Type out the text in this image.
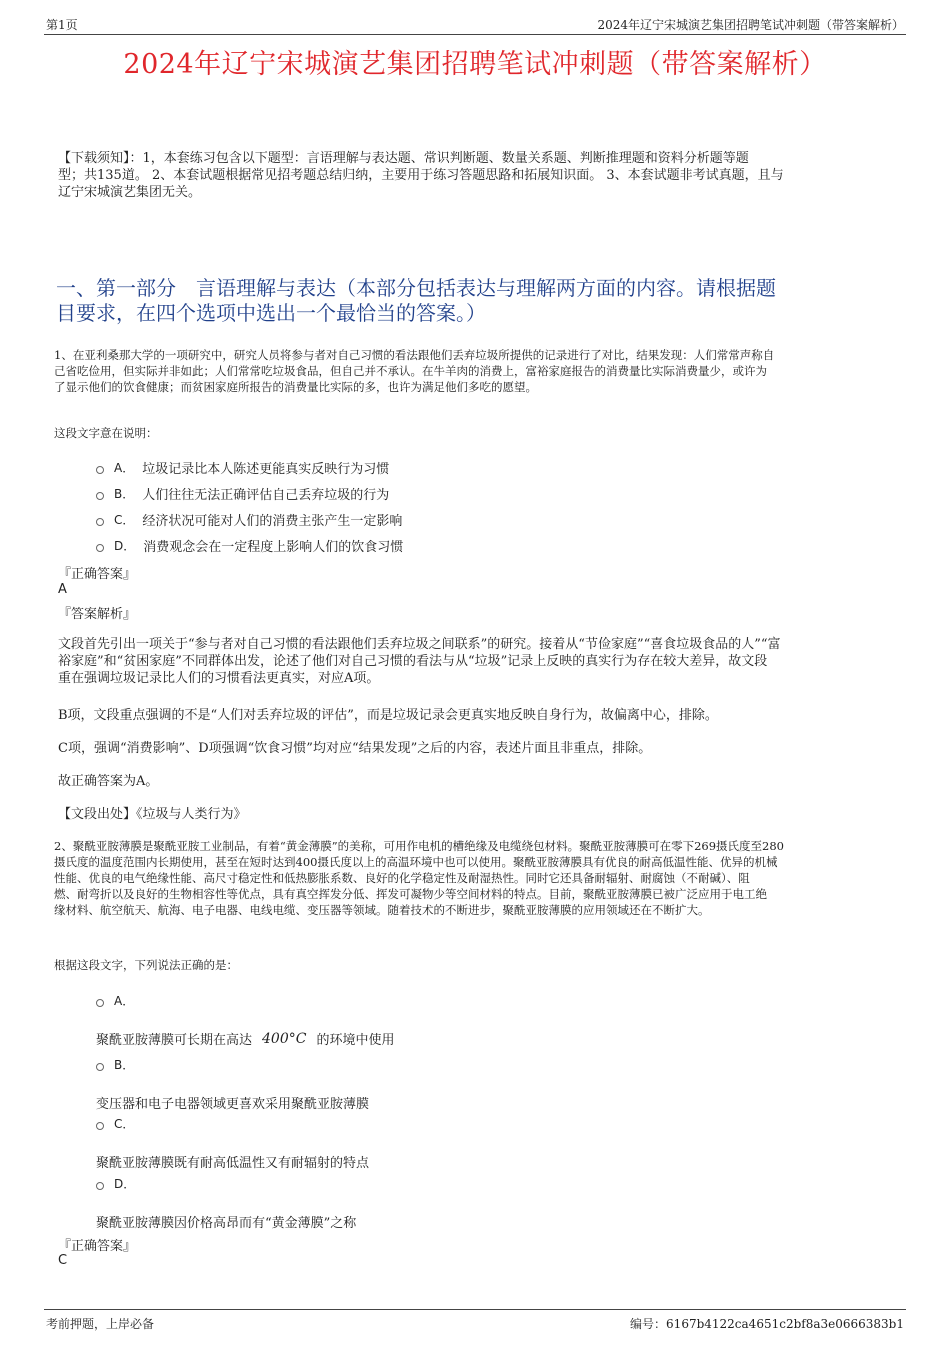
第1页	2024年辽宁宋城演艺集团招聘笔试冲刺题（带答案解析）
2024年辽宁宋城演艺集团招聘笔试冲刺题（带答案解析）
【下载须知】：1，本套练习包含以下题型：言语理解与表达题、常识判断题、数量关系题、判断推理题和资料分析题等题
型；共135道。 2、本套试题根据常见招考题总结归纳，主要用于练习答题思路和拓展知识面。 3、本套试题非考试真题，且与
辽宁宋城演艺集团无关。
一、第一部分　言语理解与表达（本部分包括表达与理解两方面的内容。请根据题
目要求，在四个选项中选出一个最恰当的答案。）
1、在亚利桑那大学的一项研究中，研究人员将参与者对自己习惯的看法跟他们丢弃垃圾所提供的记录进行了对比，结果发现：人们常常声称自
己省吃俭用，但实际并非如此；人们常常吃垃圾食品，但自己并不承认。在牛羊肉的消费上，富裕家庭报告的消费量比实际消费量少，或许为
了显示他们的饮食健康；而贫困家庭所报告的消费量比实际的多，也许为满足他们多吃的愿望。
这段文字意在说明：
A． 垃圾记录比本人陈述更能真实反映行为习惯
B． 人们往往无法正确评估自己丢弃垃圾的行为
C． 经济状况可能对人们的消费主张产生一定影响
D． 消费观念会在一定程度上影响人们的饮食习惯
『正确答案』
A
『答案解析』
文段首先引出一项关于“参与者对自己习惯的看法跟他们丢弃垃圾之间联系”的研究。接着从“节俭家庭”“喜食垃圾食品的人”“富
裕家庭”和“贫困家庭”不同群体出发，论述了他们对自己习惯的看法与从“垃圾”记录上反映的真实行为存在较大差异，故文段
重在强调垃圾记录比人们的习惯看法更真实，对应A项。
B项，文段重点强调的不是“人们对丢弃垃圾的评估”，而是垃圾记录会更真实地反映自身行为，故偏离中心，排除。
C项，强调“消费影响”、D项强调“饮食习惯”均对应“结果发现”之后的内容，表述片面且非重点，排除。
故正确答案为A。
【文段出处】《垃圾与人类行为》
2、聚酰亚胺薄膜是聚酰亚胺工业制品，有着“黄金薄膜”的美称，可用作电机的槽绝缘及电缆绕包材料。聚酰亚胺薄膜可在零下269摄氏度至280
摄氏度的温度范围内长期使用，甚至在短时达到400摄氏度以上的高温环境中也可以使用。聚酰亚胺薄膜具有优良的耐高低温性能、优异的机械
性能、优良的电气绝缘性能、高尺寸稳定性和低热膨胀系数、良好的化学稳定性及耐湿热性。同时它还具备耐辐射、耐腐蚀（不耐碱）、阻
燃、耐弯折以及良好的生物相容性等优点，具有真空挥发分低、挥发可凝物少等空间材料的特点。目前，聚酰亚胺薄膜已被广泛应用于电工绝
缘材料、航空航天、航海、电子电器、电线电缆、变压器等领域。随着技术的不断进步，聚酰亚胺薄膜的应用领域还在不断扩大。
根据这段文字，下列说法正确的是：
A．
聚酰亚胺薄膜可长期在高达 400°C 的环境中使用
B．
变压器和电子电器领域更喜欢采用聚酰亚胺薄膜
C．
聚酰亚胺薄膜既有耐高低温性又有耐辐射的特点
D．
聚酰亚胺薄膜因价格高昂而有“黄金薄膜”之称
『正确答案』
C
考前押题，上岸必备	编号：6167b4122ca4651c2bf8a3e0666383b1
